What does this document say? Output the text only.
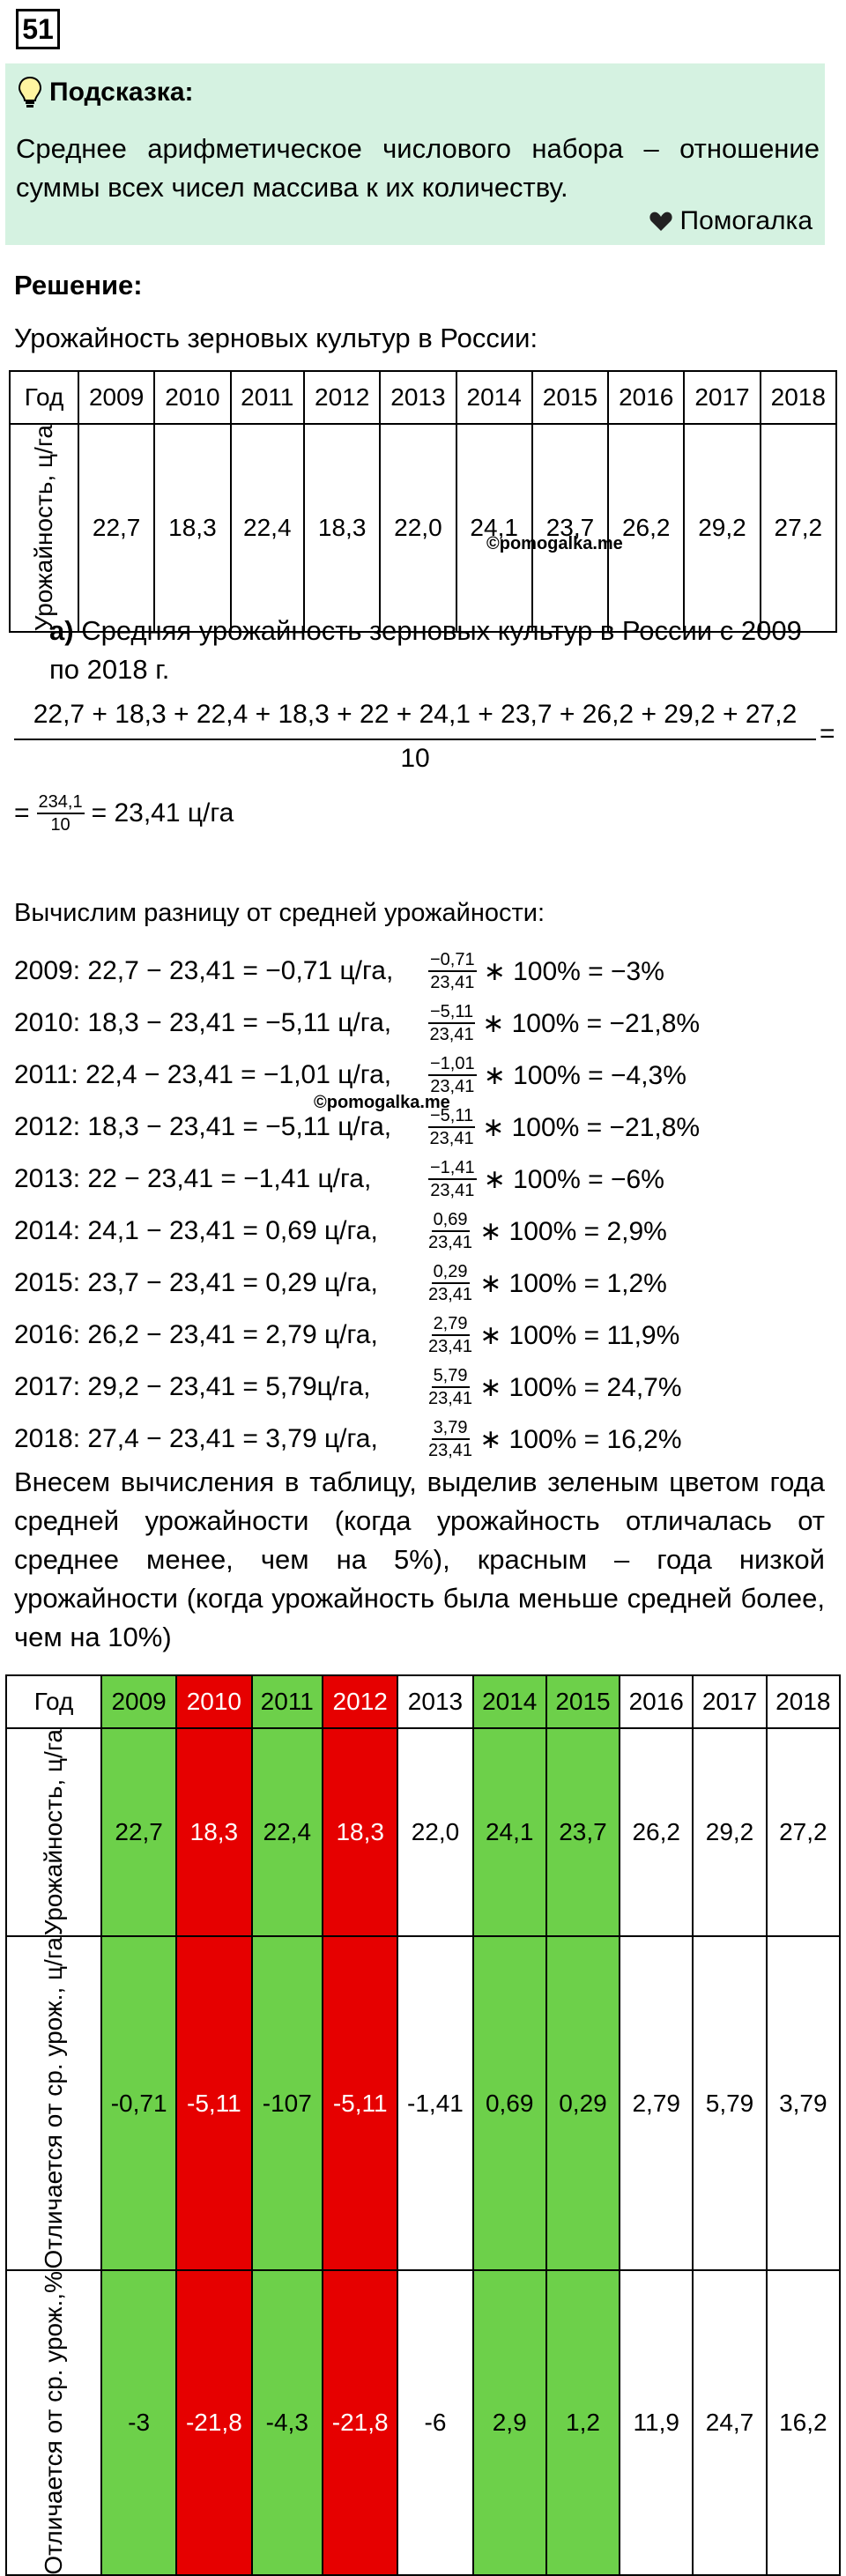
51
Подсказка:
Среднее арифметическое числового набора – отношение суммы всех чисел массива к их количеству.
Помогалка
Решение:
Урожайность зерновых культур в России:
Год	2009	2010	2011	2012	2013	2014	2015	2016	2017	2018

Урожайность, ц/га	22,7	18,3	22,4	18,3	22,0	24,1	23,7	26,2	29,2	27,2
©pomogalka.me
а) Средняя урожайность зерновых культур в России с 2009 по 2018 г.
22,7 + 18,3 + 22,4 + 18,3 + 22 + 24,1 + 23,7 + 26,2 + 29,2 + 27,2
=
10
= $\frac{234,1}{10} = 23,41$ ц/га
Вычислим разницу от средней урожайности:
2009: 22,7 − 23,41 = −0,71 ц/га,	$\frac{-0,71}{23,41}$ ∗ 100% = −3%
2010: 18,3 − 23,41 = −5,11 ц/га,	$\frac{-5,11}{23,41}$ ∗ 100% = −21,8%
2011: 22,4 − 23,41 = −1,01 ц/га,	$\frac{-1,01}{23,41}$ ∗ 100% = −4,3%
2012: 18,3 − 23,41 = −5,11 ц/га,	$\frac{-5,11}{23,41}$ ∗ 100% = −21,8%
2013: 22 − 23,41 = −1,41 ц/га,	$\frac{-1,41}{23,41}$ ∗ 100% = −6%
2014: 24,1 − 23,41 = 0,69 ц/га,	$\frac{0,69}{23,41}$ ∗ 100% = 2,9%
2015: 23,7 − 23,41 = 0,29 ц/га,	$\frac{0,29}{23,41}$ ∗ 100% = 1,2%
2016: 26,2 − 23,41 = 2,79 ц/га,	$\frac{2,79}{23,41}$ ∗ 100% = 11,9%
2017: 29,2 − 23,41 = 5,79ц/га,	$\frac{5,79}{23,41}$ ∗ 100% = 24,7%
2018: 27,4 − 23,41 = 3,79 ц/га,	$\frac{3,79}{23,41}$ ∗ 100% = 16,2%
©pomogalka.me
Внесем вычисления в таблицу, выделив зеленым цветом года средней урожайности (когда урожайность отличалась от среднее менее, чем на 5%), красным – года низкой урожайности (когда урожайность была меньше средней более, чем на 10%)
Год	2009	2010	2011	2012	2013	2014	2015	2016	2017	2018

Урожайность, ц/га	22,7	18,3	22,4	18,3	22,0	24,1	23,7	26,2	29,2	27,2

Отличается от ср. урож., ц/га	-0,71	-5,11	-107	-5,11	-1,41	0,69	0,29	2,79	5,79	3,79

Отличается от ср. урож.,%	-3	-21,8	-4,3	-21,8	-6	2,9	1,2	11,9	24,7	16,2
